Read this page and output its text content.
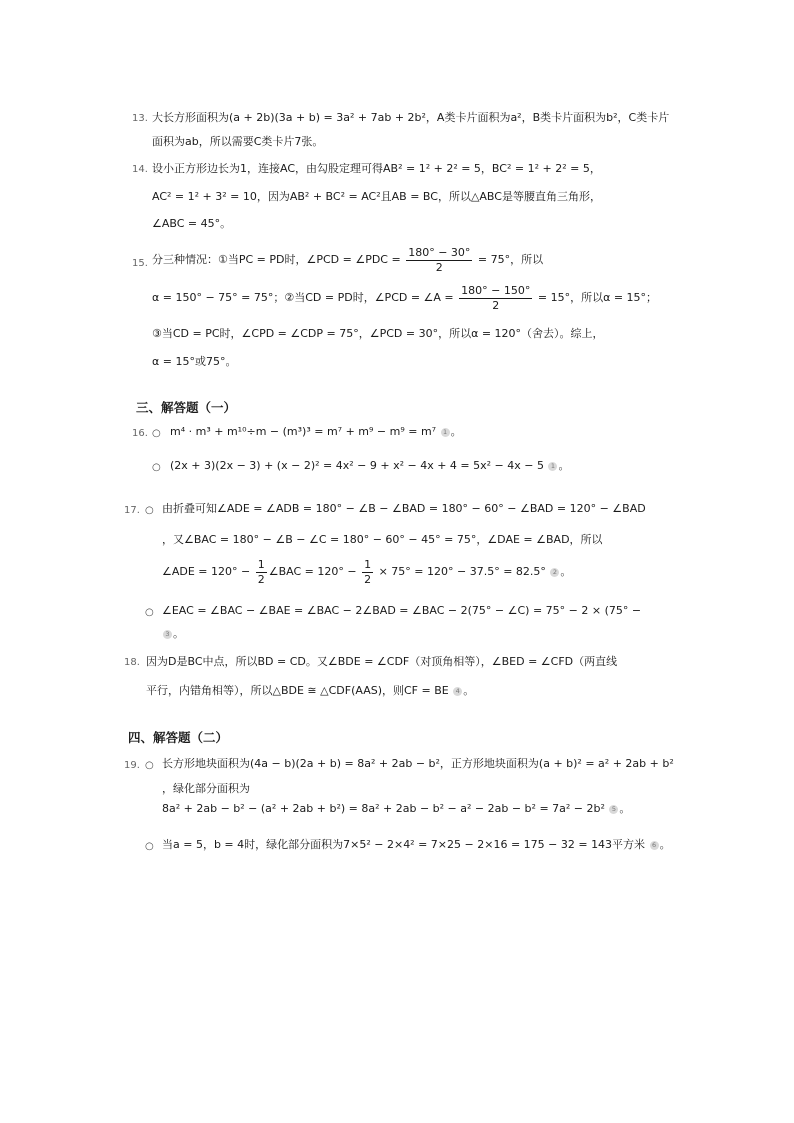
13. 大长方形面积为(a + 2b)(3a + b) = 3a² + 7ab + 2b²，A类卡片面积为a²，B类卡片面积为b²，C类卡片
面积为ab，所以需要C类卡片7张。
14. 设小正方形边长为1，连接AC，由勾股定理可得AB² = 1² + 2² = 5，BC² = 1² + 2² = 5，
AC² = 1² + 3² = 10，因为AB² + BC² = AC²且AB = BC，所以△ABC是等腰直角三角形，
∠ABC = 45°。
15. 分三种情况：①当PC = PD时，∠PCD = ∠PDC = $\frac{180^\circ - 30^\circ}{2} = 75^\circ$，所以
α = 150° − 75° = 75°；②当CD = PD时，∠PCD = ∠A = $\frac{180^\circ - 150^\circ}{2} = 15^\circ$，所以α = 15°；
③当CD = PC时，∠CPD = ∠CDP = 75°，∠PCD = 30°，所以α = 120°（舍去）。综上，
α = 15°或75°。
三、解答题（一）
16. ○ m⁴ · m³ + m¹⁰÷m − (m³)³ = m⁷ + m⁹ − m⁹ = m⁷ 1 。
○ (2x + 3)(2x − 3) + (x − 2)² = 4x² − 9 + x² − 4x + 4 = 5x² − 4x − 5 1 。
17. ○ 由折叠可知∠ADE = ∠ADB = 180° − ∠B − ∠BAD = 180° − 60° − ∠BAD = 120° − ∠BAD
，又∠BAC = 180° − ∠B − ∠C = 180° − 60° − 45° = 75°，∠DAE = ∠BAD，所以
∠ADE = $120^\circ - \frac{1}{2}$ ∠BAC = $120^\circ - \frac{1}{2} \times 75^\circ = 120^\circ - 37.5^\circ = 82.5^\circ$ 2 。
○ ∠EAC = ∠BAC − ∠BAE = ∠BAC − 2∠BAD = ∠BAC − 2(75° − ∠C) = 75° − 2 × (75° −
3 。
18. 因为D是BC中点，所以BD = CD。又∠BDE = ∠CDF（对顶角相等），∠BED = ∠CFD（两直线
平行，内错角相等），所以△BDE ≅ △CDF(AAS)，则CF = BE 4 。
四、解答题（二）
19. ○ 长方形地块面积为(4a − b)(2a + b) = 8a² + 2ab − b²，正方形地块面积为(a + b)² = a² + 2ab + b²
，绿化部分面积为
8a² + 2ab − b² − (a² + 2ab + b²) = 8a² + 2ab − b² − a² − 2ab − b² = 7a² − 2b² 5 。
○ 当a = 5，b = 4时，绿化部分面积为7×5² − 2×4² = 7×25 − 2×16 = 175 − 32 = 143平方米 6 。
